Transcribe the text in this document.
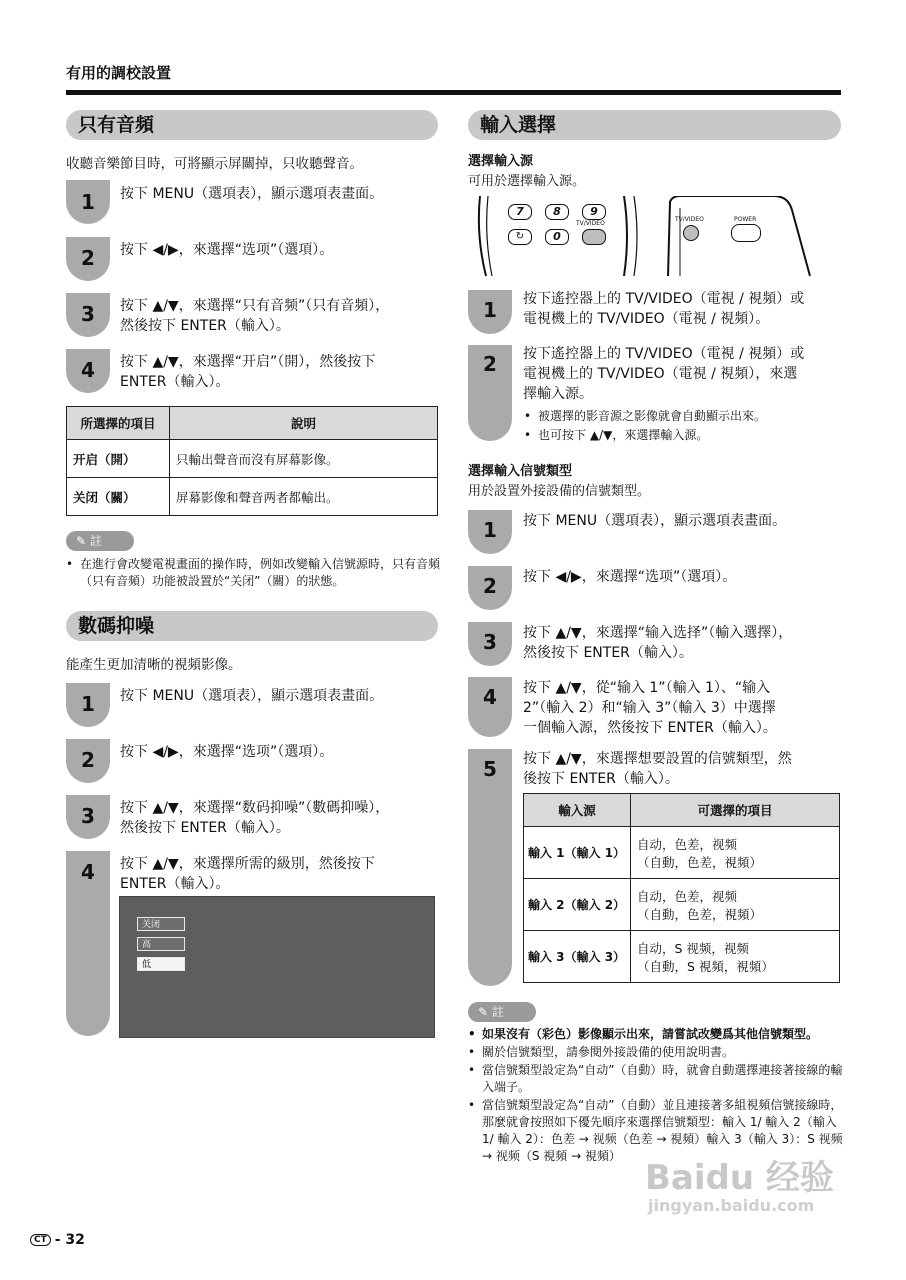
有用的調校設置
只有音頻
收聽音樂節目時，可將顯示屏關掉，只收聽聲音。
1	按下 MENU（選項表），顯示選項表畫面。
2	按下 ◀/▶，來選擇“选项”（選項）。
3	按下 ▲/▼，來選擇“只有音频”（只有音頻），
然後按下 ENTER（輸入）。
4	按下 ▲/▼，來選擇“开启”（開），然後按下
ENTER（輸入）。
所選擇的項目	說明
开启（開）	只輸出聲音而沒有屏幕影像。
关闭（關）	屏幕影像和聲音两者都輸出。
✎ 註
• 在進行會改變電視畫面的操作時，例如改變輸入信號源時，只有音頻（只有音頻）功能被設置於“关闭”（關）的狀態。
數碼抑噪
能產生更加清晰的視頻影像。
1	按下 MENU（選項表），顯示選項表畫面。
2	按下 ◀/▶，來選擇“选项”（選項）。
3	按下 ▲/▼，來選擇“数码抑噪”（數碼抑噪），
然後按下 ENTER（輸入）。
4	按下 ▲/▼，來選擇所需的級別，然後按下
ENTER（輸入）。
关闭
高
低
輸入選擇
選擇輸入源
可用於選擇輸入源。
7	8	9
↻	0
TV/VIDEO
TV/VIDEO	POWER
1	按下遙控器上的 TV/VIDEO（電視 / 視頻）或
電視機上的 TV/VIDEO（電視 / 視頻）。
2	按下遙控器上的 TV/VIDEO（電視 / 視頻）或
電視機上的 TV/VIDEO（電視 / 視頻），來選
擇輸入源。
• 被選擇的影音源之影像就會自動顯示出來。
• 也可按下 ▲/▼，來選擇輸入源。
選擇輸入信號類型
用於設置外接設備的信號類型。
1	按下 MENU（選項表），顯示選項表畫面。
2	按下 ◀/▶，來選擇“选项”（選項）。
3	按下 ▲/▼，來選擇“输入选择”（輸入選擇），
然後按下 ENTER（輸入）。
4	按下 ▲/▼，從“输入 1”（輸入 1）、“输入
2”（輸入 2）和“输入 3”（輸入 3）中選擇
一個輸入源，然後按下 ENTER（輸入）。
5	按下 ▲/▼，來選擇想要設置的信號類型，然
後按下 ENTER（輸入）。
輸入源	可選擇的項目
輸入 1（輸入 1）	自动，色差，视频
（自動，色差，視頻）

輸入 2（輸入 2）	自动，色差，视频
（自動，色差，視頻）

輸入 3（輸入 3）	自动，S 视频，视频
（自動，S 視頻，視頻）
✎ 註
• 如果沒有（彩色）影像顯示出來，請嘗試改變爲其他信號類型。
• 關於信號類型，請參閱外接設備的使用說明書。
• 當信號類型設定為“自动”（自動）時，就會自動選擇連接著接線的輸入端子。
• 當信號類型設定為“自动”（自動）並且連接著多組視頻信號接線時，那麼就會按照如下優先順序來選擇信號類型：輸入 1/ 輸入 2（輸入 1/ 輸入 2）：色差 → 视频（色差 → 視頻）輸入 3（輸入 3）：S 视频 → 视频（S 視頻 → 視頻）
CT - 32
Baidu 经验
jingyan.baidu.com
